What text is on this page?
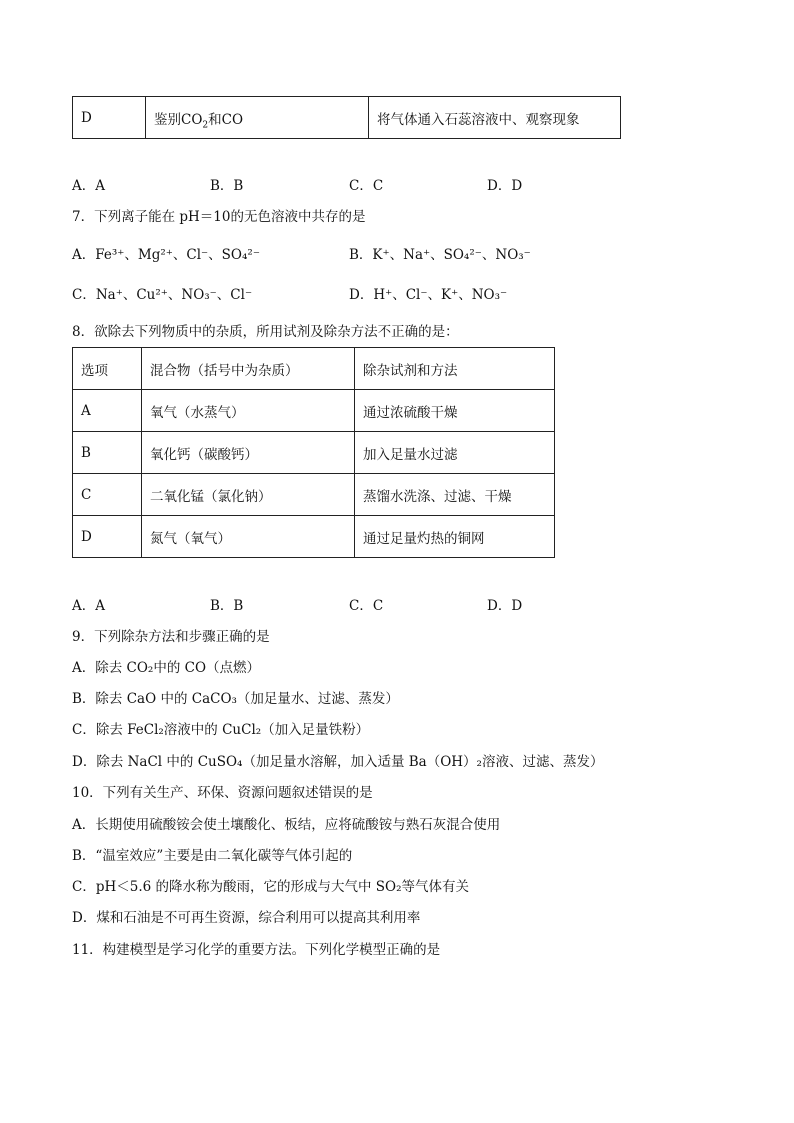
D	鉴别$CO_2$和CO	将气体通入石蕊溶液中、观察现象
A．A	B．B	C．C	D．D
7．下列离子能在 pH＝10的无色溶液中共存的是
A．Fe³⁺、Mg²⁺、Cl⁻、SO₄²⁻	B．K⁺、Na⁺、SO₄²⁻、NO₃⁻
C．Na⁺、Cu²⁺、NO₃⁻、Cl⁻	D．H⁺、Cl⁻、K⁺、NO₃⁻
8．欲除去下列物质中的杂质，所用试剂及除杂方法不正确的是：
选项	混合物（括号中为杂质）	除杂试剂和方法
A	氧气（水蒸气）	通过浓硫酸干燥
B	氧化钙（碳酸钙）	加入足量水过滤
C	二氧化锰（氯化钠）	蒸馏水洗涤、过滤、干燥
D	氮气（氧气）	通过足量灼热的铜网
A．A	B．B	C．C	D．D
9．下列除杂方法和步骤正确的是
A．除去 CO₂中的 CO（点燃）
B．除去 CaO 中的 CaCO₃（加足量水、过滤、蒸发）
C．除去 FeCl₂溶液中的 CuCl₂（加入足量铁粉）
D．除去 NaCl 中的 CuSO₄（加足量水溶解，加入适量 Ba（OH）₂溶液、过滤、蒸发）
10．下列有关生产、环保、资源问题叙述错误的是
A．长期使用硫酸铵会使土壤酸化、板结，应将硫酸铵与熟石灰混合使用
B．“温室效应”主要是由二氧化碳等气体引起的
C．pH＜5.6 的降水称为酸雨，它的形成与大气中 SO₂等气体有关
D．煤和石油是不可再生资源，综合利用可以提高其利用率
11．构建模型是学习化学的重要方法。下列化学模型正确的是
